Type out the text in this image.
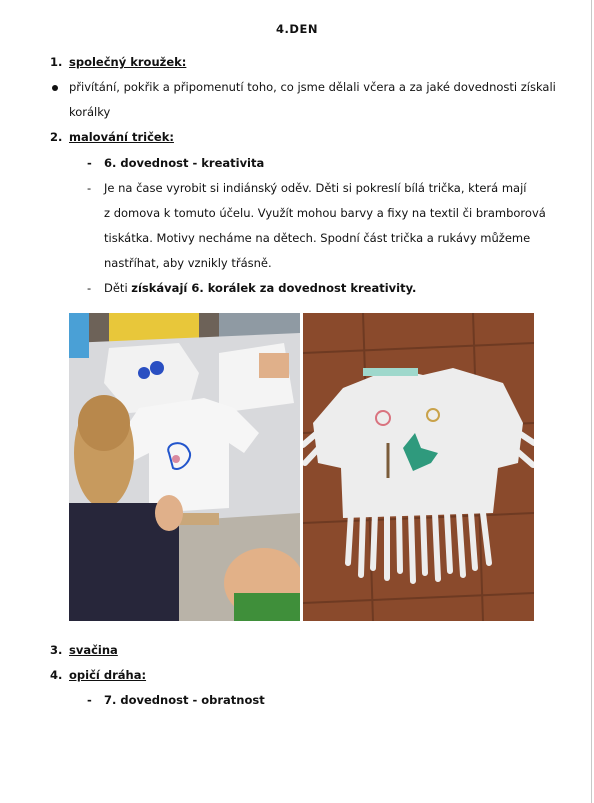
4.DEN
1. společný kroužek:
přivítání, pokřik a připomenutí toho, co jsme dělali včera a za jaké dovednosti získali
korálky
2. malování triček:
- 6. dovednost - kreativita
- Je na čase vyrobit si indiánský oděv. Děti si pokreslí bílá trička, která mají
z domova k tomuto účelu. Využít mohou barvy a fixy na textil či bramborová
tiskátka. Motivy necháme na dětech. Spodní část trička a rukávy můžeme
nastříhat, aby vznikly třásně.
- Děti získávají 6. korálek za dovednost kreativity.
3. svačina
4. opičí dráha:
- 7. dovednost - obratnost
